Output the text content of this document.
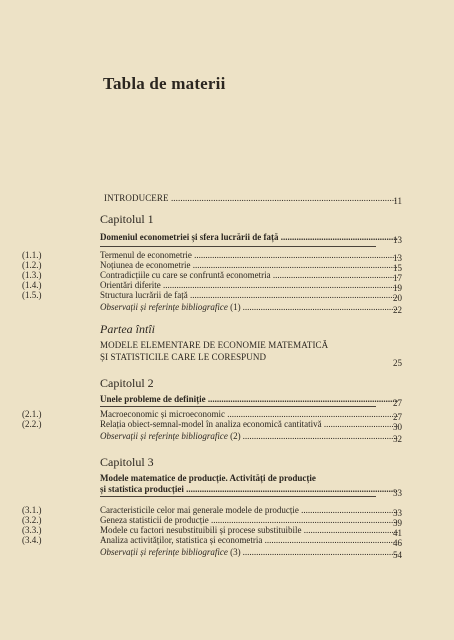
Tabla de materii
INTRODUCERE .....	11
Capitolul 1
Domeniul econometriei și sfera lucrării de față .....	13
(1.1.)	Termenul de econometrie .....	13
(1.2.)	Noțiunea de econometrie .....	15
(1.3.)	Contradicțiile cu care se confruntă econometria .....	17
(1.4.)	Orientări diferite .....	19
(1.5.)	Structura lucrării de față .....	20
Observații și referințe bibliografice (1) .....	22
Partea întîi
MODELE ELEMENTARE DE ECONOMIE MATEMATICĂ
ȘI STATISTICILE CARE LE CORESPUND
25
Capitolul 2
Unele probleme de definiție .....	27
(2.1.)	Macroeconomic și microeconomic .....	27
(2.2.)	Relația obiect-semnal-model în analiza economică cantitativă .....	30
Observații și referințe bibliografice (2) .....	32
Capitolul 3
Modele matematice de producție. Activități de producție
și statistica producției .....	33
(3.1.)	Caracteristicile celor mai generale modele de producție .....	33
(3.2.)	Geneza statisticii de producție .....	39
(3.3.)	Modele cu factori nesubstituibili și procese substituibile .....	41
(3.4.)	Analiza activităților, statistica și econometria .....	46
Observații și referințe bibliografice (3) .....	54
